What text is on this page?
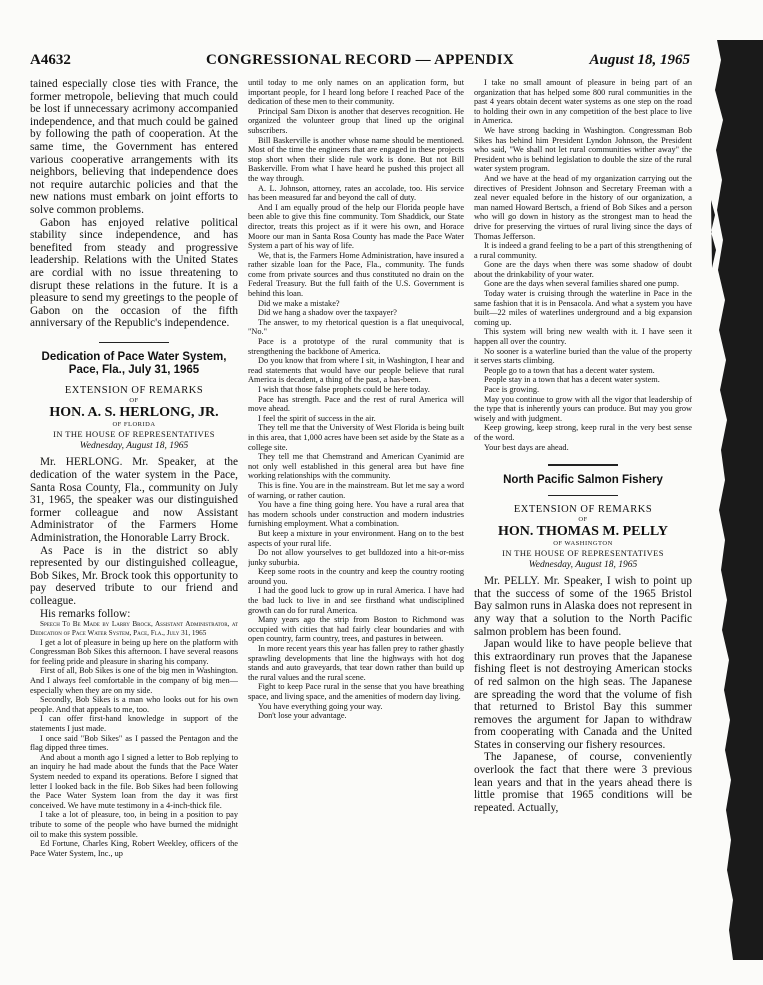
A4632	CONGRESSIONAL RECORD — APPENDIX	August 18, 1965

tained especially close ties with France, the former metropole, believing that much could be lost if unnecessary acrimony accompanied independence, and that much could be gained by following the path of cooperation. At the same time, the Government has entered various cooperative arrangements with its neighbors, believing that independence does not require autarchic policies and that the new nations must embark on joint efforts to solve common problems.

Gabon has enjoyed relative political stability since independence, and has benefited from steady and progressive leadership. Relations with the United States are cordial with no issue threatening to disrupt these relations in the future. It is a pleasure to send my greetings to the people of Gabon on the occasion of the fifth anniversary of the Republic's independence.

Dedication of Pace Water System, Pace, Fla., July 31, 1965
EXTENSION OF REMARKS
OF
HON. A. S. HERLONG, JR.
OF FLORIDA
IN THE HOUSE OF REPRESENTATIVES
Wednesday, August 18, 1965

Mr. HERLONG. Mr. Speaker, at the dedication of the water system in the Pace, Santa Rosa County, Fla., community on July 31, 1965, the speaker was our distinguished former colleague and now Assistant Administrator of the Farmers Home Administration, the Honorable Larry Brock.

As Pace is in the district so ably represented by our distinguished colleague, Bob Sikes, Mr. Brock took this opportunity to pay deserved tribute to our friend and colleague.

His remarks follow:

Speech To Be Made by Larry Brock, Assistant Administrator, at Dedication of Pace Water System, Pace, Fla., July 31, 1965

I get a lot of pleasure in being up here on the platform with Congressman Bob Sikes this afternoon. I have several reasons for feeling pride and pleasure in sharing his company.

First of all, Bob Sikes is one of the big men in Washington. And I always feel comfortable in the company of big men—especially when they are on my side.

Secondly, Bob Sikes is a man who looks out for his own people. And that appeals to me, too.

I can offer first-hand knowledge in support of the statements I just made.

I once said "Bob Sikes" as I passed the Pentagon and the flag dipped three times.

And about a month ago I signed a letter to Bob replying to an inquiry he had made about the funds that the Pace Water System needed to expand its operations. Before I signed that letter I looked back in the file. Bob Sikes had been following the Pace Water System loan from the day it was first conceived. We have mute testimony in a 4-inch-thick file.

I take a lot of pleasure, too, in being in a position to pay tribute to some of the people who have burned the midnight oil to make this system possible.

Ed Fortune, Charles King, Robert Weekley, officers of the Pace Water System, Inc., up

until today to me only names on an application form, but important people, for I heard long before I reached Pace of the dedication of these men to their community.

Principal Sam Dixon is another that deserves recognition. He organized the volunteer group that lined up the original subscribers.

Bill Baskerville is another whose name should be mentioned. Most of the time the engineers that are engaged in these projects stop short when their slide rule work is done. But not Bill Baskerville. From what I have heard he pushed this project all the way through.

A. L. Johnson, attorney, rates an accolade, too. His service has been measured far and beyond the call of duty.

And I am equally proud of the help our Florida people have been able to give this fine community. Tom Shaddick, our State director, treats this project as if it were his own, and Horace Moore our man in Santa Rosa County has made the Pace Water System a part of his way of life.

We, that is, the Farmers Home Administration, have insured a rather sizable loan for the Pace, Fla., community. The funds come from private sources and thus constituted no drain on the Federal Treasury. But the full faith of the U.S. Government is behind this loan.

Did we make a mistake?

Did we hang a shadow over the taxpayer?

The answer, to my rhetorical question is a flat unequivocal, "No."

Pace is a prototype of the rural community that is strengthening the backbone of America.

Do you know that from where I sit, in Washington, I hear and read statements that would have our people believe that rural America is decadent, a thing of the past, a has-been.

I wish that those false prophets could be here today.

Pace has strength. Pace and the rest of rural America will move ahead.

I feel the spirit of success in the air.

They tell me that the University of West Florida is being built in this area, that 1,000 acres have been set aside by the State as a college site.

They tell me that Chemstrand and American Cyanimid are not only well established in this general area but have fine working relationships with the community.

This is fine. You are in the mainstream. But let me say a word of warning, or rather caution.

You have a fine thing going here. You have a rural area that has modern schools under construction and modern industries furnishing employment. What a combination.

But keep a mixture in your environment. Hang on to the best aspects of your rural life.

Do not allow yourselves to get bulldozed into a hit-or-miss junky suburbia.

Keep some roots in the country and keep the country rooting around you.

I had the good luck to grow up in rural America. I have had the bad luck to live in and see firsthand what undisciplined growth can do for rural America.

Many years ago the strip from Boston to Richmond was occupied with cities that had fairly clear boundaries and with open country, farm country, trees, and pastures in between.

In more recent years this year has fallen prey to rather ghastly sprawling developments that line the highways with hot dog stands and auto graveyards, that tear down rather than build up the rural values and the rural scene.

Fight to keep Pace rural in the sense that you have breathing space, and living space, and the amenities of modern day living.

You have everything going your way.

Don't lose your advantage.

I take no small amount of pleasure in being part of an organization that has helped some 800 rural communities in the past 4 years obtain decent water systems as one step on the road to holding their own in any competition of the best place to live in America.

We have strong backing in Washington. Congressman Bob Sikes has behind him President Lyndon Johnson, the President who said, "We shall not let rural communities wither away" the President who is behind legislation to double the size of the rural water system program.

And we have at the head of my organization carrying out the directives of President Johnson and Secretary Freeman with a zeal never equaled before in the history of our organization, a man named Howard Bertsch, a friend of Bob Sikes and a person who will go down in history as the strongest man to head the drive for preserving the virtues of rural living since the days of Thomas Jefferson.

It is indeed a grand feeling to be a part of this strengthening of a rural community.

Gone are the days when there was some shadow of doubt about the drinkability of your water.

Gone are the days when several families shared one pump.

Today water is cruising through the waterline in Pace in the same fashion that it is in Pensacola. And what a system you have built—22 miles of waterlines underground and a big expansion coming up.

This system will bring new wealth with it. I have seen it happen all over the country.

No sooner is a waterline buried than the value of the property it serves starts climbing.

People go to a town that has a decent water system.

People stay in a town that has a decent water system.

Pace is growing.

May you continue to grow with all the vigor that leadership of the type that is inherently yours can produce. But may you grow wisely and with judgment.

Keep growing, keep strong, keep rural in the very best sense of the word.

Your best days are ahead.

North Pacific Salmon Fishery
EXTENSION OF REMARKS
OF
HON. THOMAS M. PELLY
OF WASHINGTON
IN THE HOUSE OF REPRESENTATIVES
Wednesday, August 18, 1965

Mr. PELLY. Mr. Speaker, I wish to point up that the success of some of the 1965 Bristol Bay salmon runs in Alaska does not represent in any way that a solution to the North Pacific salmon problem has been found.

Japan would like to have people believe that this extraordinary run proves that the Japanese fishing fleet is not destroying American stocks of red salmon on the high seas. The Japanese are spreading the word that the volume of fish that returned to Bristol Bay this summer removes the argument for Japan to withdraw from cooperating with Canada and the United States in conserving our fishery resources.

The Japanese, of course, conveniently overlook the fact that there were 3 previous lean years and that in the years ahead there is little promise that 1965 conditions will be repeated. Actually,
